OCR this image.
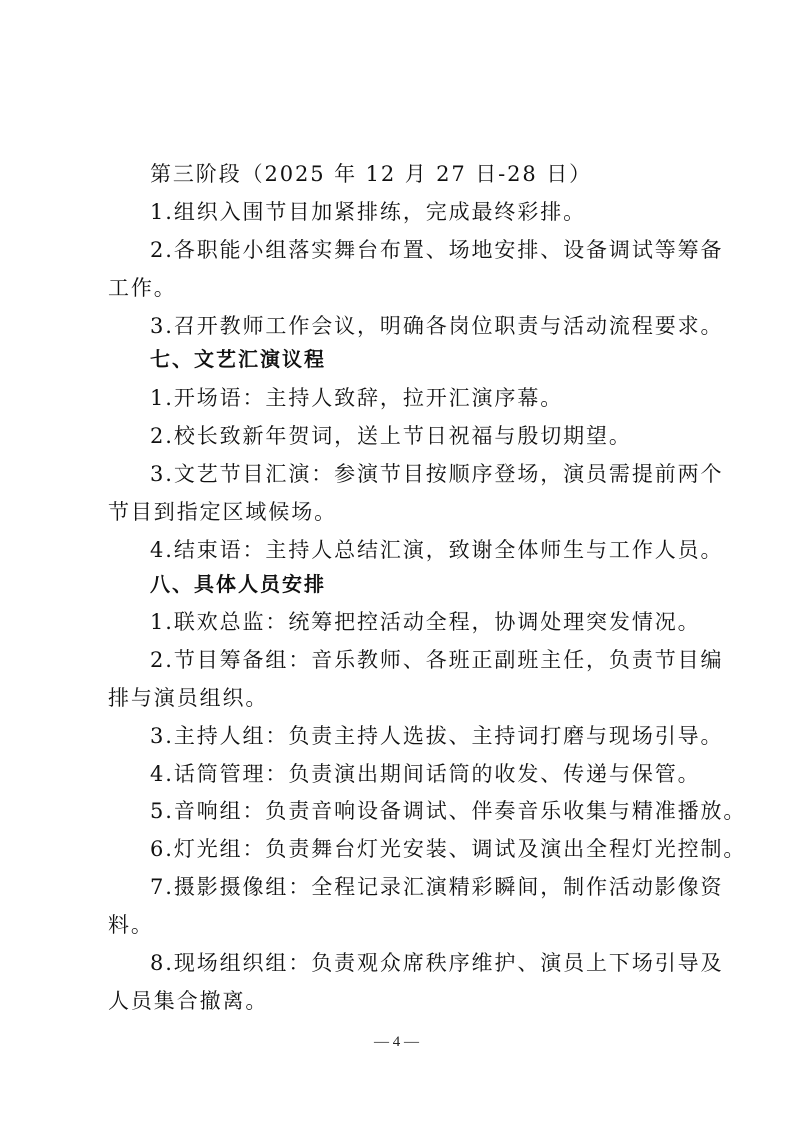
第三阶段（2025 年 12 月 27 日-28 日）
1.组织入围节目加紧排练，完成最终彩排。
2.各职能小组落实舞台布置、场地安排、设备调试等筹备
工作。
3.召开教师工作会议，明确各岗位职责与活动流程要求。
七、文艺汇演议程
1.开场语：主持人致辞，拉开汇演序幕。
2.校长致新年贺词，送上节日祝福与殷切期望。
3.文艺节目汇演：参演节目按顺序登场，演员需提前两个
节目到指定区域候场。
4.结束语：主持人总结汇演，致谢全体师生与工作人员。
八、具体人员安排
1.联欢总监：统筹把控活动全程，协调处理突发情况。
2.节目筹备组：音乐教师、各班正副班主任，负责节目编
排与演员组织。
3.主持人组：负责主持人选拔、主持词打磨与现场引导。
4.话筒管理：负责演出期间话筒的收发、传递与保管。
5.音响组：负责音响设备调试、伴奏音乐收集与精准播放。
6.灯光组：负责舞台灯光安装、调试及演出全程灯光控制。
7.摄影摄像组：全程记录汇演精彩瞬间，制作活动影像资
料。
8.现场组织组：负责观众席秩序维护、演员上下场引导及
人员集合撤离。
— 4 —
